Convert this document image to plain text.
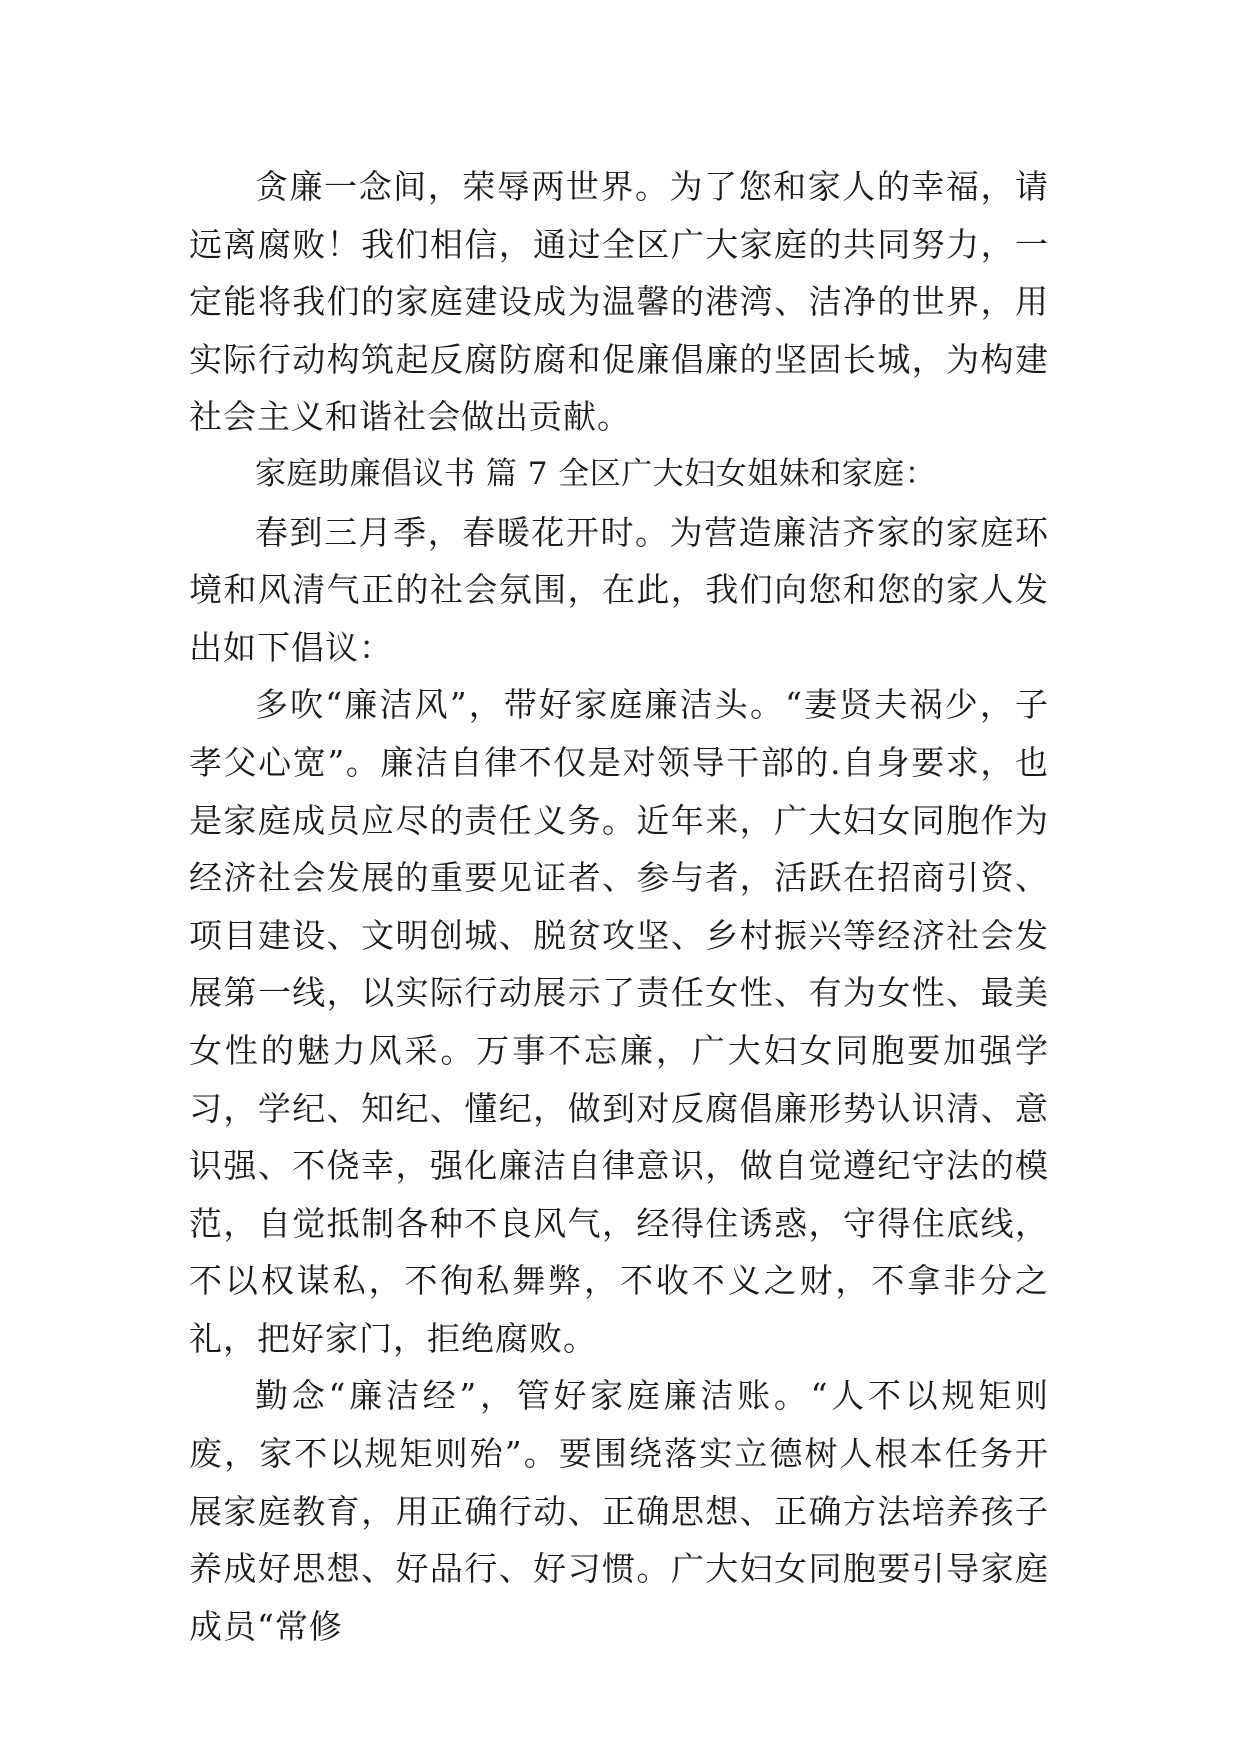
贪廉一念间，荣辱两世界。为了您和家人的幸福，请远离腐败！我们相信，通过全区广大家庭的共同努力，一定能将我们的家庭建设成为温馨的港湾、洁净的世界，用实际行动构筑起反腐防腐和促廉倡廉的坚固长城，为构建社会主义和谐社会做出贡献。

家庭助廉倡议书 篇 7 全区广大妇女姐妹和家庭：

春到三月季，春暖花开时。为营造廉洁齐家的家庭环境和风清气正的社会氛围，在此，我们向您和您的家人发出如下倡议：

多吹“廉洁风”，带好家庭廉洁头。“妻贤夫祸少，子孝父心宽”。廉洁自律不仅是对领导干部的.自身要求，也是家庭成员应尽的责任义务。近年来，广大妇女同胞作为经济社会发展的重要见证者、参与者，活跃在招商引资、项目建设、文明创城、脱贫攻坚、乡村振兴等经济社会发展第一线，以实际行动展示了责任女性、有为女性、最美女性的魅力风采。万事不忘廉，广大妇女同胞要加强学习，学纪、知纪、懂纪，做到对反腐倡廉形势认识清、意识强、不侥幸，强化廉洁自律意识，做自觉遵纪守法的模范，自觉抵制各种不良风气，经得住诱惑，守得住底线，不以权谋私，不徇私舞弊，不收不义之财，不拿非分之礼，把好家门，拒绝腐败。

勤念“廉洁经”，管好家庭廉洁账。“人不以规矩则废，家不以规矩则殆”。要围绕落实立德树人根本任务开展家庭教育，用正确行动、正确思想、正确方法培养孩子养成好思想、好品行、好习惯。广大妇女同胞要引导家庭成员“常修
